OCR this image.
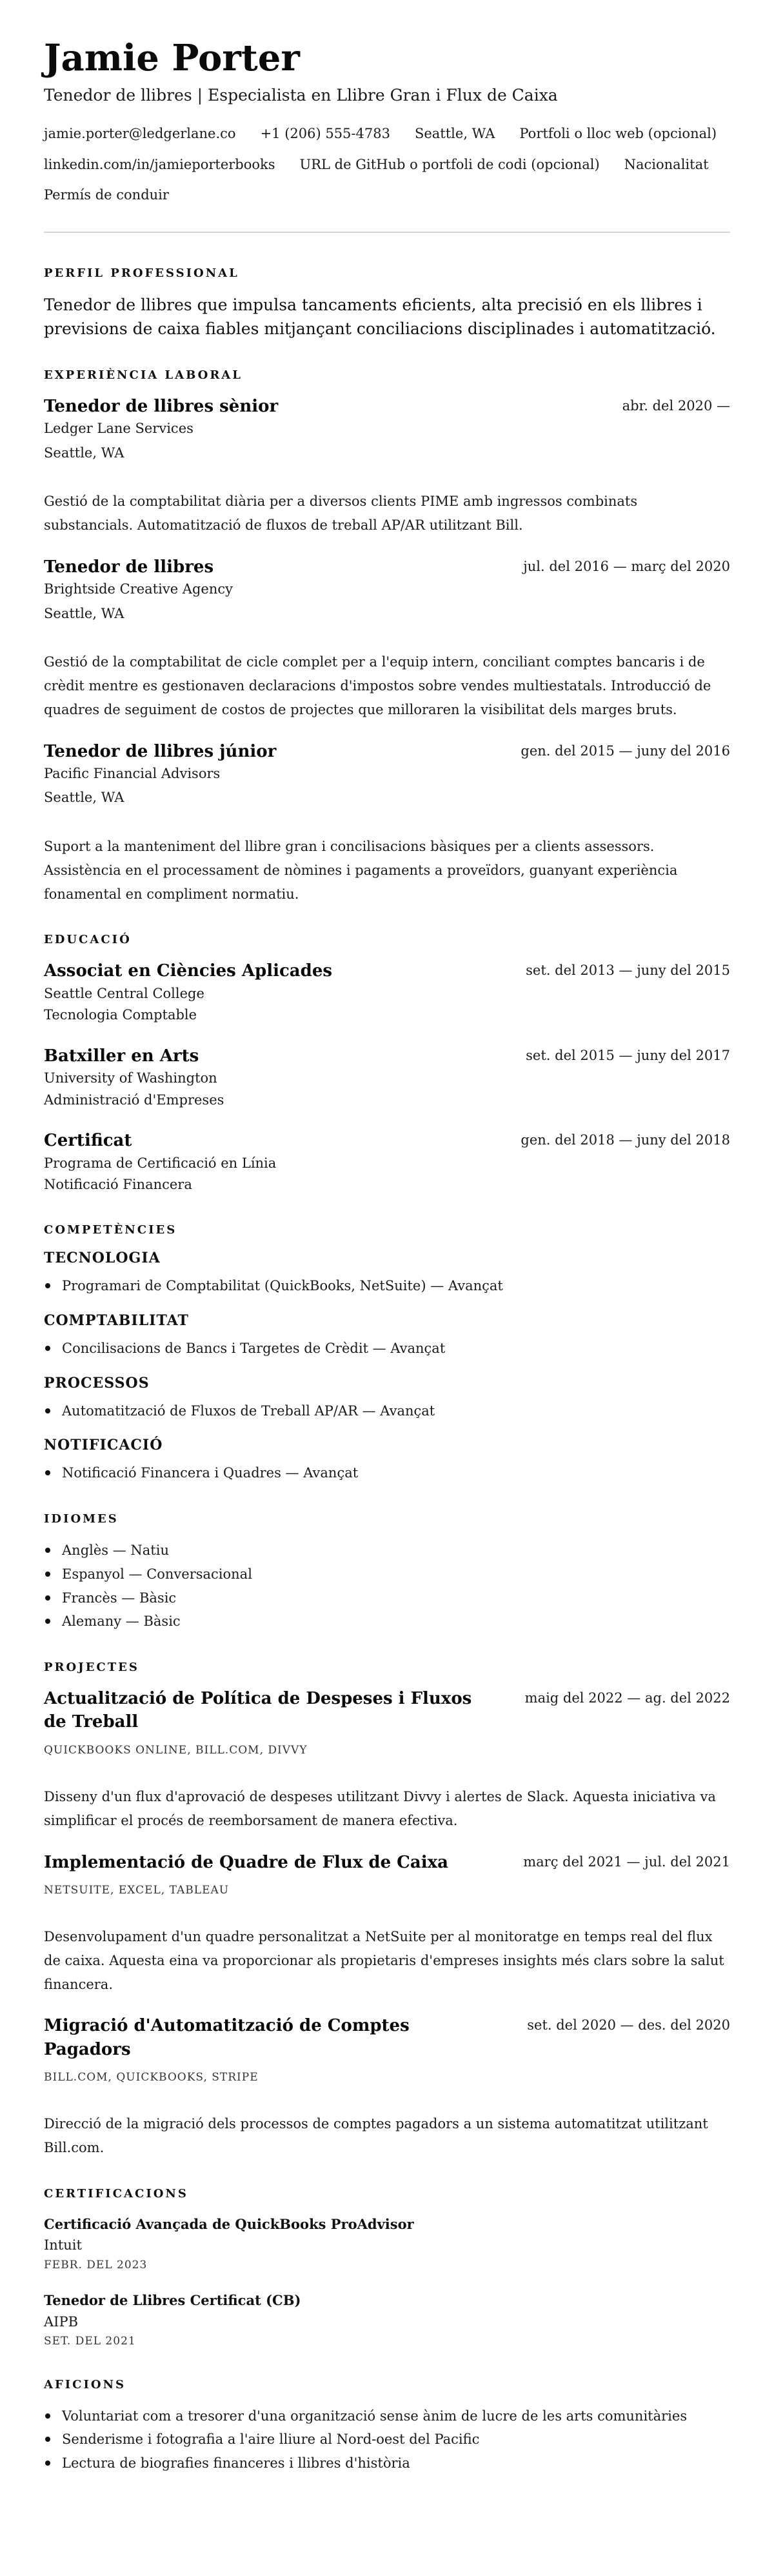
Jamie Porter
Tenedor de llibres | Especialista en Llibre Gran i Flux de Caixa
jamie.porter@ledgerlane.co +1 (206) 555-4783 Seattle, WA Portfoli o lloc web (opcional)
linkedin.com/in/jamieporterbooks URL de GitHub o portfoli de codi (opcional) Nacionalitat
Permís de conduir
PERFIL PROFESSIONAL

Tenedor de llibres que impulsa tancaments eficients, alta precisió en els llibres i previsions de caixa fiables mitjançant conciliacions disciplinades i automatització.

EXPERIÈNCIA LABORAL
Tenedor de llibres sènior	abr. del 2020 —
Ledger Lane Services
Seattle, WA

Gestió de la comptabilitat diària per a diversos clients PIME amb ingressos combinats substancials. Automatització de fluxos de treball AP/AR utilitzant Bill.

Tenedor de llibres	jul. del 2016 — març del 2020
Brightside Creative Agency
Seattle, WA

Gestió de la comptabilitat de cicle complet per a l'equip intern, conciliant comptes bancaris i de crèdit mentre es gestionaven declaracions d'impostos sobre vendes multiestatals. Introducció de quadres de seguiment de costos de projectes que milloraren la visibilitat dels marges bruts.

Tenedor de llibres júnior	gen. del 2015 — juny del 2016
Pacific Financial Advisors
Seattle, WA

Suport a la manteniment del llibre gran i concilisacions bàsiques per a clients assessors. Assistència en el processament de nòmines i pagaments a proveïdors, guanyant experiència fonamental en compliment normatiu.

EDUCACIÓ
Associat en Ciències Aplicades	set. del 2013 — juny del 2015
Seattle Central College
Tecnologia Comptable
Batxiller en Arts	set. del 2015 — juny del 2017
University of Washington
Administració d'Empreses
Certificat	gen. del 2018 — juny del 2018
Programa de Certificació en Línia
Notificació Financera
COMPETÈNCIES
TECNOLOGIA
Programari de Comptabilitat (QuickBooks, NetSuite) — Avançat
COMPTABILITAT
Concilisacions de Bancs i Targetes de Crèdit — Avançat
PROCESSOS
Automatització de Fluxos de Treball AP/AR — Avançat
NOTIFICACIÓ
Notificació Financera i Quadres — Avançat
IDIOMES
Anglès — Natiu
Espanyol — Conversacional
Francès — Bàsic
Alemany — Bàsic
PROJECTES
Actualització de Política de Despeses i Fluxos de Treball
maig del 2022 — ag. del 2022
QUICKBOOKS ONLINE, BILL.COM, DIVVY

Disseny d'un flux d'aprovació de despeses utilitzant Divvy i alertes de Slack. Aquesta iniciativa va simplificar el procés de reemborsament de manera efectiva.

Implementació de Quadre de Flux de Caixa	març del 2021 — jul. del 2021
NETSUITE, EXCEL, TABLEAU

Desenvolupament d'un quadre personalitzat a NetSuite per al monitoratge en temps real del flux de caixa. Aquesta eina va proporcionar als propietaris d'empreses insights més clars sobre la salut financera.

Migració d'Automatització de Comptes Pagadors
set. del 2020 — des. del 2020
BILL.COM, QUICKBOOKS, STRIPE

Direcció de la migració dels processos de comptes pagadors a un sistema automatitzat utilitzant Bill.com.

CERTIFICACIONS
Certificació Avançada de QuickBooks ProAdvisor
Intuit
FEBR. DEL 2023
Tenedor de Llibres Certificat (CB)
AIPB
SET. DEL 2021
AFICIONS
Voluntariat com a tresorer d'una organització sense ànim de lucre de les arts comunitàries
Senderisme i fotografia a l'aire lliure al Nord-oest del Pacific
Lectura de biografies financeres i llibres d'història
